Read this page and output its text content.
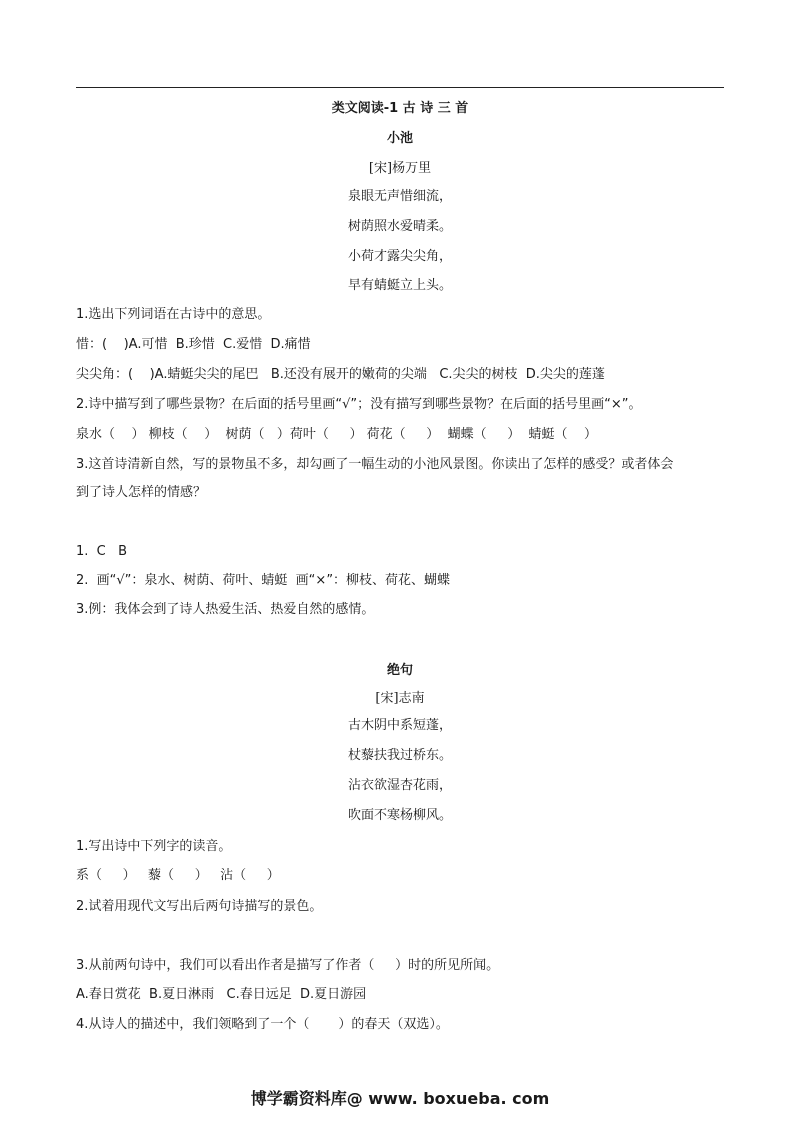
类文阅读-1 古 诗 三 首
小池
[宋]杨万里
泉眼无声惜细流，
树荫照水爱晴柔。
小荷才露尖尖角，
早有蜻蜓立上头。
1.选出下列词语在古诗中的意思。
惜：(    )A.可惜  B.珍惜  C.爱惜  D.痛惜
尖尖角：(    )A.蜻蜓尖尖的尾巴   B.还没有展开的嫩荷的尖端   C.尖尖的树枝  D.尖尖的莲蓬
2.诗中描写到了哪些景物？在后面的括号里画“√”；没有描写到哪些景物？在后面的括号里画“×”。
泉水（    ） 柳枝（    ）  树荫（   ）荷叶（     ） 荷花（     ）  蝴蝶（     ）  蜻蜓（    ）
3.这首诗清新自然，写的景物虽不多，却勾画了一幅生动的小池风景图。你读出了怎样的感受？或者体会
到了诗人怎样的情感？
1.  C   B
2.  画“√”：泉水、树荫、荷叶、蜻蜓  画“×”：柳枝、荷花、蝴蝶
3.例：我体会到了诗人热爱生活、热爱自然的感情。
绝句
[宋]志南
古木阴中系短蓬，
杖藜扶我过桥东。
沾衣欲湿杏花雨，
吹面不寒杨柳风。
1.写出诗中下列字的读音。
系（     ）   藜（     ）   沾（     ）
2.试着用现代文写出后两句诗描写的景色。
3.从前两句诗中，我们可以看出作者是描写了作者（     ）时的所见所闻。
A.春日赏花  B.夏日淋雨   C.春日远足  D.夏日游园
4.从诗人的描述中，我们领略到了一个（       ）的春天（双选）。
博学霸资料库@ www. boxueba. com
